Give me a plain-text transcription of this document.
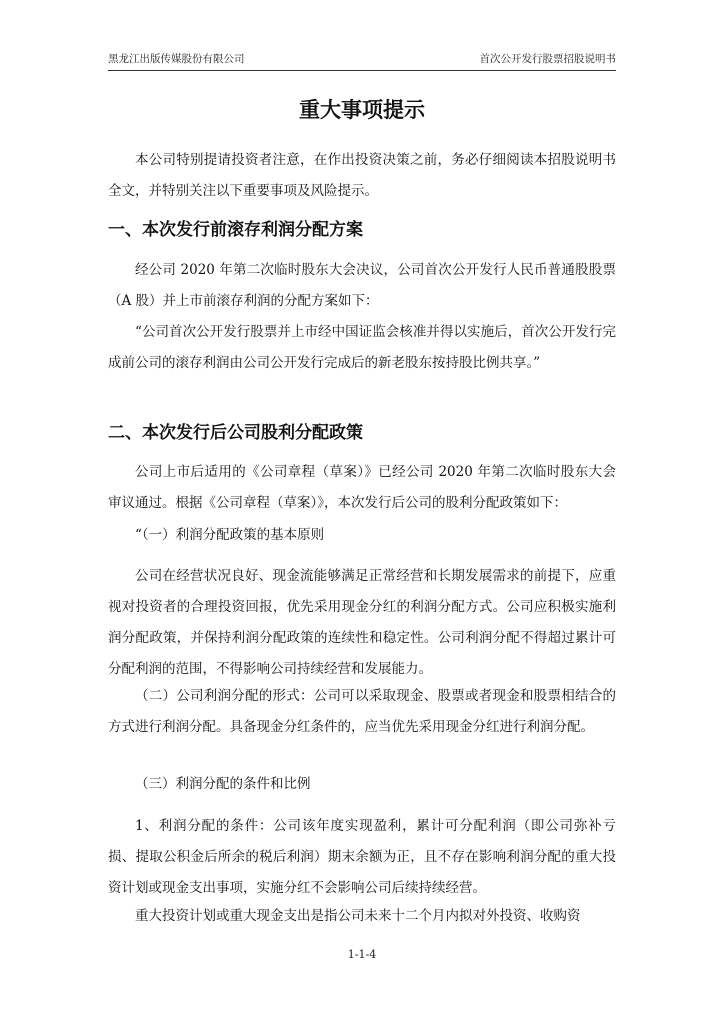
黑龙江出版传媒股份有限公司	首次公开发行股票招股说明书
重大事项提示
本公司特别提请投资者注意，在作出投资决策之前，务必仔细阅读本招股说明书全文，并特别关注以下重要事项及风险提示。
一、本次发行前滚存利润分配方案
经公司 2020 年第二次临时股东大会决议，公司首次公开发行人民币普通股股票（A 股）并上市前滚存利润的分配方案如下：
“公司首次公开发行股票并上市经中国证监会核准并得以实施后，首次公开发行完成前公司的滚存利润由公司公开发行完成后的新老股东按持股比例共享。”
二、本次发行后公司股利分配政策
公司上市后适用的《公司章程（草案）》已经公司 2020 年第二次临时股东大会审议通过。根据《公司章程（草案）》，本次发行后公司的股利分配政策如下：
“（一）利润分配政策的基本原则
公司在经营状况良好、现金流能够满足正常经营和长期发展需求的前提下，应重视对投资者的合理投资回报，优先采用现金分红的利润分配方式。公司应积极实施利润分配政策，并保持利润分配政策的连续性和稳定性。公司利润分配不得超过累计可分配利润的范围，不得影响公司持续经营和发展能力。
（二）公司利润分配的形式：公司可以采取现金、股票或者现金和股票相结合的方式进行利润分配。具备现金分红条件的，应当优先采用现金分红进行利润分配。
（三）利润分配的条件和比例
1、利润分配的条件：公司该年度实现盈利，累计可分配利润（即公司弥补亏损、提取公积金后所余的税后利润）期末余额为正，且不存在影响利润分配的重大投资计划或现金支出事项，实施分红不会影响公司后续持续经营。
重大投资计划或重大现金支出是指公司未来十二个月内拟对外投资、收购资
1-1-4
